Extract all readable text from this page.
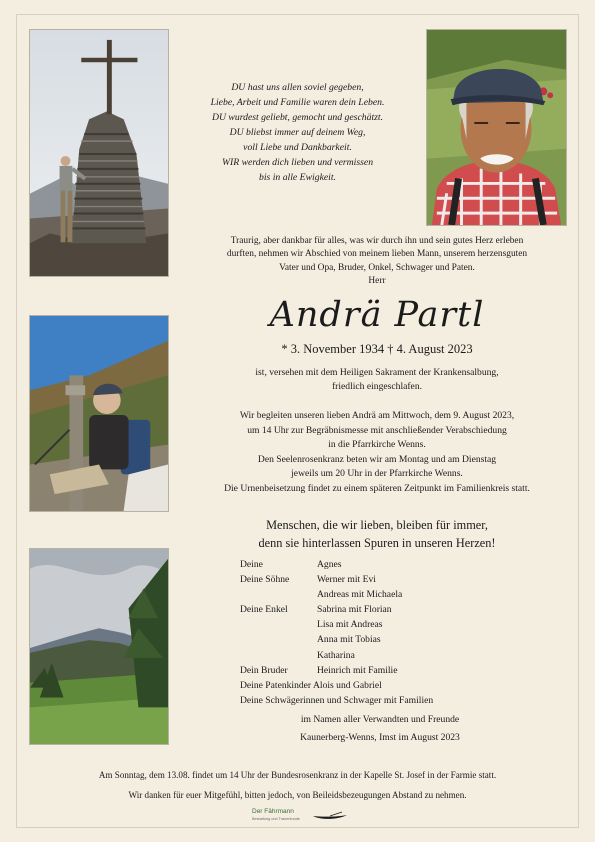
DU hast uns allen soviel gegeben,
Liebe, Arbeit und Familie waren dein Leben.
DU wurdest geliebt, gemocht und geschätzt.
DU bliebst immer auf deinem Weg,
voll Liebe und Dankbarkeit.
WIR werden dich lieben und vermissen
bis in alle Ewigkeit.
Traurig, aber dankbar für alles, was wir durch ihn und sein gutes Herz erleben
durften, nehmen wir Abschied von meinem lieben Mann, unserem herzensguten
Vater und Opa, Bruder, Onkel, Schwager und Paten.
Herr
Andrä Partl
* 3. November 1934 † 4. August 2023
ist, versehen mit dem Heiligen Sakrament der Krankensalbung,
friedlich eingeschlafen.
Wir begleiten unseren lieben Andrä am Mittwoch, dem 9. August 2023,
um 14 Uhr zur Begräbnismesse mit anschließender Verabschiedung
in die Pfarrkirche Wenns.
Den Seelenrosenkranz beten wir am Montag und am Dienstag
jeweils um 20 Uhr in der Pfarrkirche Wenns.
Die Urnenbeisetzung findet zu einem späteren Zeitpunkt im Familienkreis statt.
Menschen, die wir lieben, bleiben für immer,
denn sie hinterlassen Spuren in unseren Herzen!
Deine	Agnes
Deine Söhne	Werner mit Evi
Andreas mit Michaela
Deine Enkel	Sabrina mit Florian
Lisa mit Andreas
Anna mit Tobias
Katharina
Dein Bruder	Heinrich mit Familie
Deine Patenkinder Alois und Gabriel
Deine Schwägerinnen und Schwager mit Familien
im Namen aller Verwandten und Freunde
Kaunerberg-Wenns, Imst im August 2023
Am Sonntag, dem 13.08. findet um 14 Uhr der Bundesrosenkranz in der Kapelle St. Josef in der Farmie statt.
Wir danken für euer Mitgefühl, bitten jedoch, von Beileidsbezeugungen Abstand zu nehmen.
Der Fährmann
Bestattung und Trauerkunde
